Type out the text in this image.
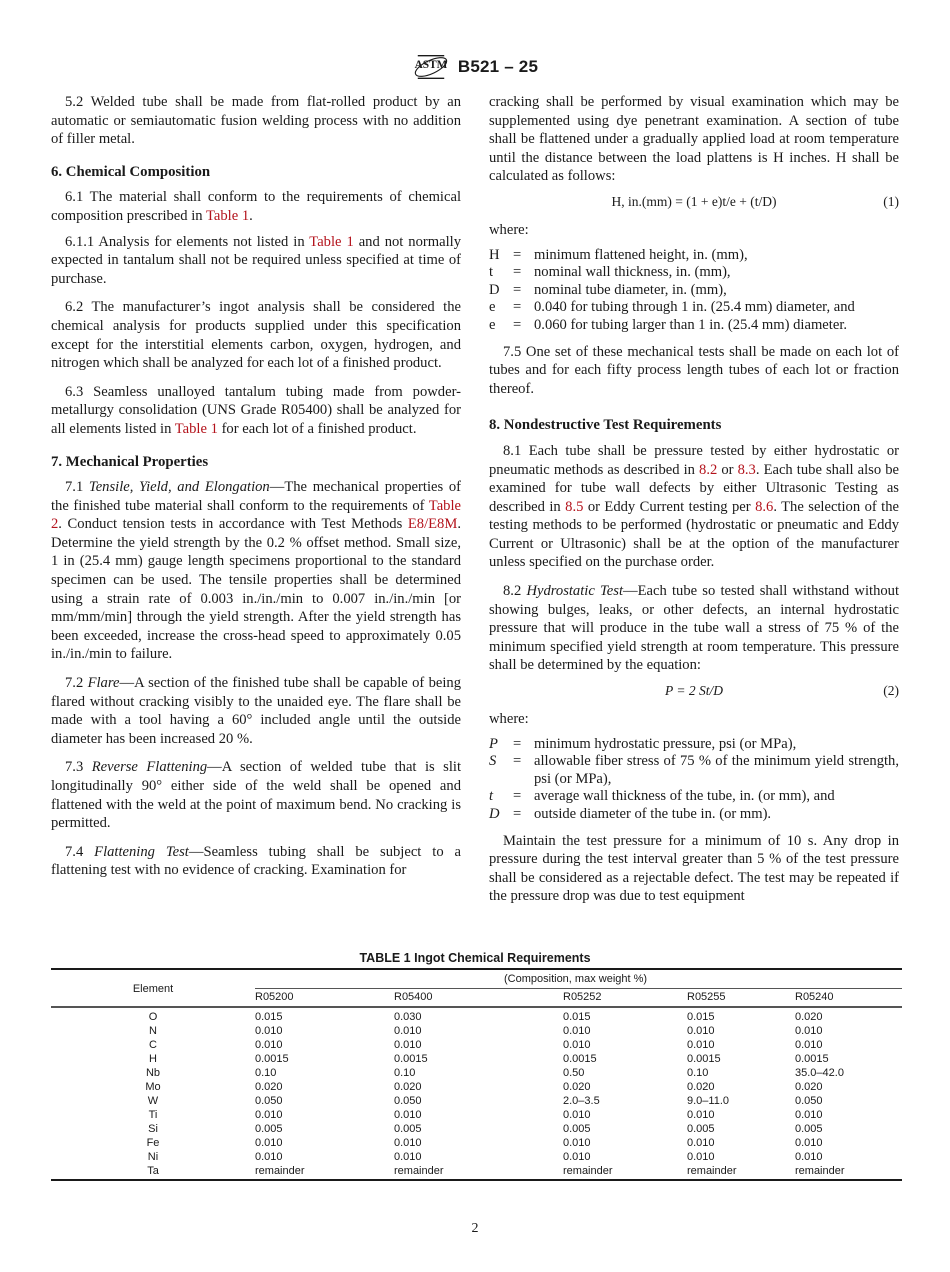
ASTM B521 – 25

5.2 Welded tube shall be made from flat-rolled product by an automatic or semiautomatic fusion welding process with no addition of filler metal.

6. Chemical Composition

6.1 The material shall conform to the requirements of chemical composition prescribed in Table 1.

6.1.1 Analysis for elements not listed in Table 1 and not normally expected in tantalum shall not be required unless specified at time of purchase.

6.2 The manufacturer’s ingot analysis shall be considered the chemical analysis for products supplied under this specification except for the interstitial elements carbon, oxygen, hydrogen, and nitrogen which shall be analyzed for each lot of a finished product.

6.3 Seamless unalloyed tantalum tubing made from powder-metallurgy consolidation (UNS Grade R05400) shall be analyzed for all elements listed in Table 1 for each lot of a finished product.

7. Mechanical Properties

7.1 Tensile, Yield, and Elongation—The mechanical properties of the finished tube material shall conform to the requirements of Table 2. Conduct tension tests in accordance with Test Methods E8/E8M. Determine the yield strength by the 0.2 % offset method. Small size, 1 in (25.4 mm) gauge length specimens proportional to the standard specimen can be used. The tensile properties shall be determined using a strain rate of 0.003 in./in./min to 0.007 in./in./min [or mm/mm/min] through the yield strength. After the yield strength has been exceeded, increase the cross-head speed to approximately 0.05 in./in./min to failure.

7.2 Flare—A section of the finished tube shall be capable of being flared without cracking visibly to the unaided eye. The flare shall be made with a tool having a 60° included angle until the outside diameter has been increased 20 %.

7.3 Reverse Flattening—A section of welded tube that is slit longitudinally 90° either side of the weld shall be opened and flattened with the weld at the point of maximum bend. No cracking is permitted.

7.4 Flattening Test—Seamless tubing shall be subject to a flattening test with no evidence of cracking. Examination for

cracking shall be performed by visual examination which may be supplemented using dye penetrant examination. A section of tube shall be flattened under a gradually applied load at room temperature until the distance between the load plattens is H inches. H shall be calculated as follows:

H, in.(mm) = (1 + e)t/e + (t/D)	(1)

where:

H = minimum flattened height, in. (mm),
t	= nominal wall thickness, in. (mm),
D = nominal tube diameter, in. (mm),
e	= 0.040 for tubing through 1 in. (25.4 mm) diameter, and
e	= 0.060 for tubing larger than 1 in. (25.4 mm) diameter.

7.5 One set of these mechanical tests shall be made on each lot of tubes and for each fifty process length tubes of each lot or fraction thereof.

8. Nondestructive Test Requirements

8.1 Each tube shall be pressure tested by either hydrostatic or pneumatic methods as described in 8.2 or 8.3. Each tube shall also be examined for tube wall defects by either Ultrasonic Testing as described in 8.5 or Eddy Current testing per 8.6. The selection of the testing methods to be performed (hydrostatic or pneumatic and Eddy Current or Ultrasonic) shall be at the option of the manufacturer unless specified on the purchase order.

8.2 Hydrostatic Test—Each tube so tested shall withstand without showing bulges, leaks, or other defects, an internal hydrostatic pressure that will produce in the tube wall a stress of 75 % of the minimum specified yield strength at room temperature. This pressure shall be determined by the equation:

P = 2 St/D	(2)

where:

P	= minimum hydrostatic pressure, psi (or MPa),
S	= allowable fiber stress of 75 % of the minimum yield strength, psi (or MPa),
t	= average wall thickness of the tube, in. (or mm), and
D = outside diameter of the tube in. (or mm).

Maintain the test pressure for a minimum of 10 s. Any drop in pressure during the test interval greater than 5 % of the test pressure shall be considered as a rejectable defect. The test may be repeated if the pressure drop was due to test equipment

TABLE 1 Ingot Chemical Requirements
Element
(Composition, max weight %)
R05200	R05400	R05252	R05255	R05240
O	0.015	0.030	0.015	0.015	0.020
N	0.010	0.010	0.010	0.010	0.010
C	0.010	0.010	0.010	0.010	0.010
H	0.0015	0.0015	0.0015	0.0015	0.0015
Nb	0.10	0.10	0.50	0.10	35.0–42.0
Mo	0.020	0.020	0.020	0.020	0.020
W	0.050	0.050	2.0–3.5	9.0–11.0	0.050
Ti	0.010	0.010	0.010	0.010	0.010
Si	0.005	0.005	0.005	0.005	0.005
Fe	0.010	0.010	0.010	0.010	0.010
Ni	0.010	0.010	0.010	0.010	0.010
Ta	remainder	remainder	remainder	remainder	remainder
2
